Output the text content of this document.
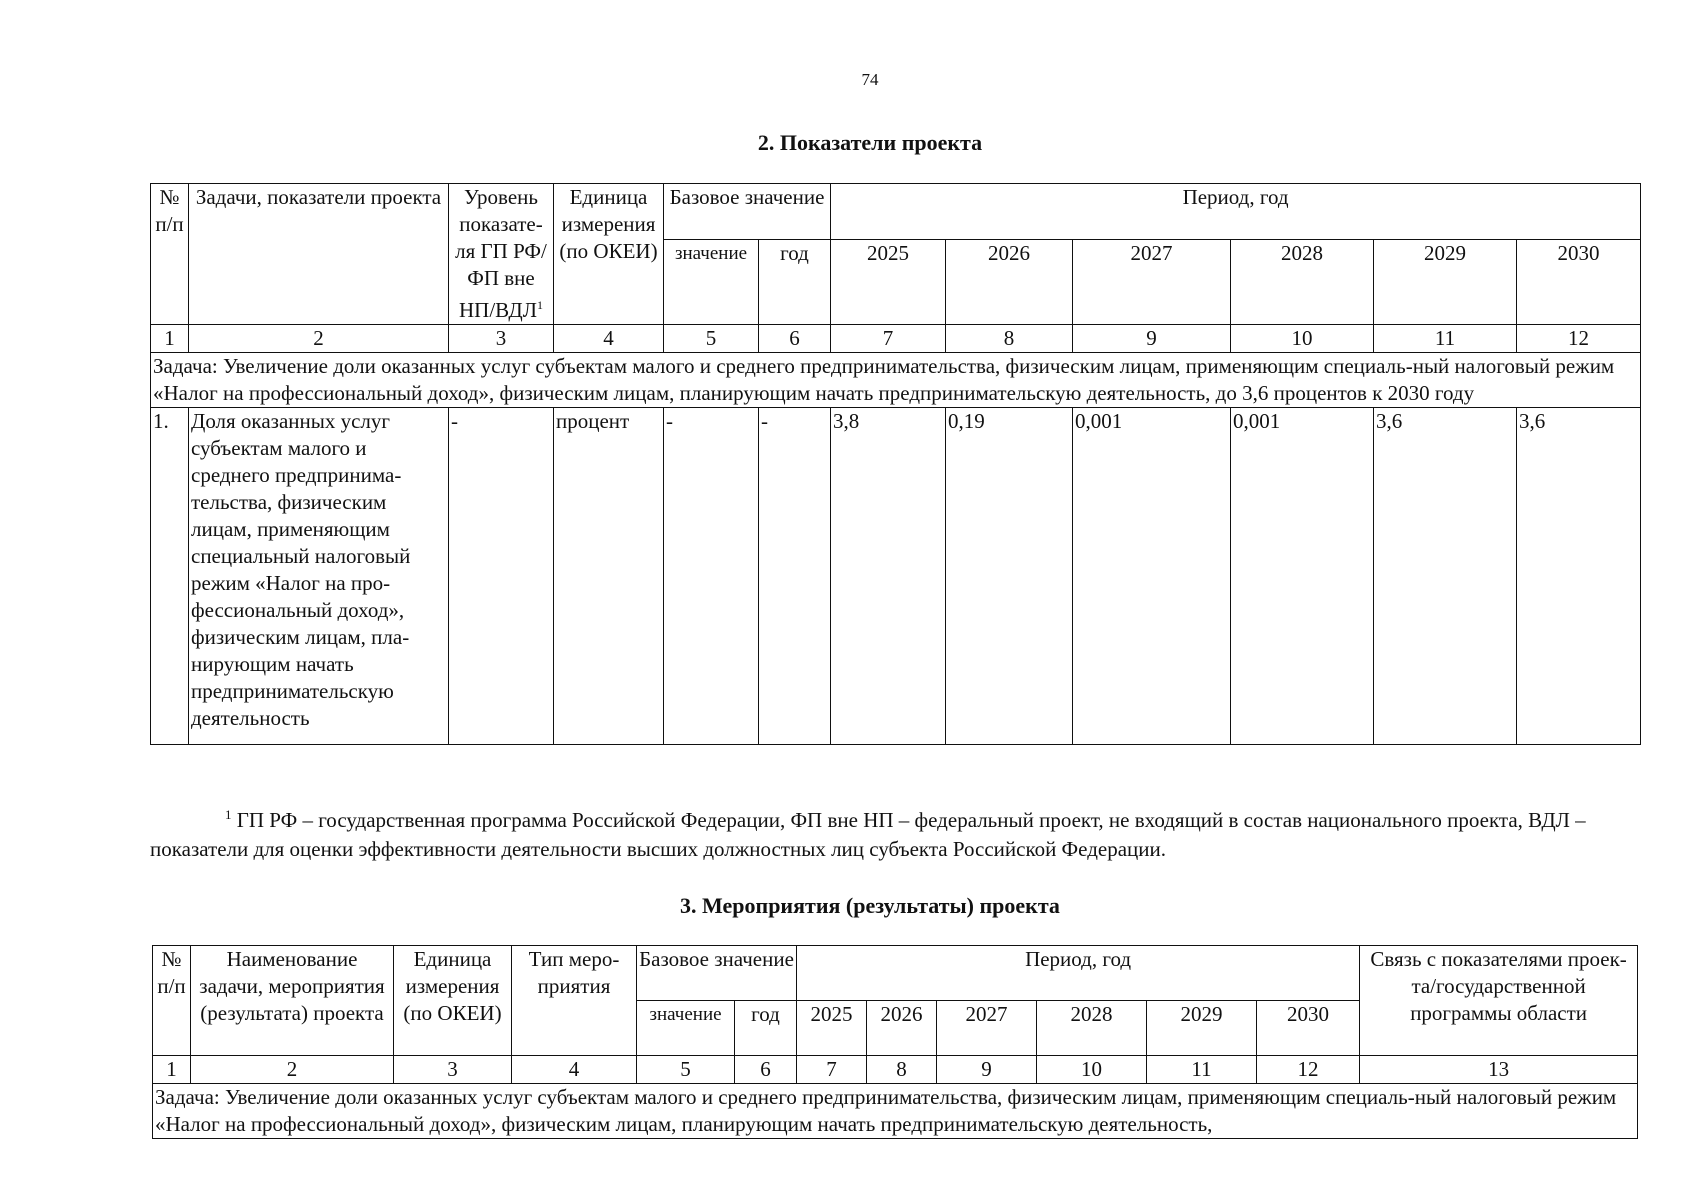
74
2. Показатели проекта
№ п/п	Задачи, показатели проекта	Уровень показате-ля ГП РФ/ ФП вне НП/ВДЛ$^1$	Единица измерения (по ОКЕИ)	Базовое значение		Период, год					
				значение	год	2025	2026	2027	2028	2029	2030
1	2	3	4	5	6	7	8	9	10	11	12
Задача: Увеличение доли оказанных услуг субъектам малого и среднего предпринимательства, физическим лицам, применяющим специаль-ный налоговый режим «Налог на профессиональный доход», физическим лицам, планирующим начать предпринимательскую деятельность, до 3,6 процентов к 2030 году											
1.	Доля оказанных услуг субъектам малого и среднего предпринима-тельства, физическим лицам, применяющим специальный налоговый режим «Налог на про-фессиональный доход», физическим лицам, пла-нирующим начать предпринимательскую деятельность	-	процент	-	-	3,8	0,19	0,001	0,001	3,6	3,6
$^1$ ГП РФ – государственная программа Российской Федерации, ФП вне НП – федеральный проект, не входящий в состав национального проекта, ВДЛ – показатели для оценки эффективности деятельности высших должностных лиц субъекта Российской Федерации.
3. Мероприятия (результаты) проекта
№ п/п	Наименование задачи, мероприятия (результата) проекта	Единица измерения (по ОКЕИ)	Тип меро-приятия	Базовое значение		Период, год						Связь с показателями проек-та/государственной программы области
				значение	год	2025	2026	2027	2028	2029	2030	
1	2	3	4	5	6	7	8	9	10	11	12	13
Задача: Увеличение доли оказанных услуг субъектам малого и среднего предпринимательства, физическим лицам, применяющим специаль-ный налоговый режим «Налог на профессиональный доход», физическим лицам, планирующим начать предпринимательскую деятельность,												
